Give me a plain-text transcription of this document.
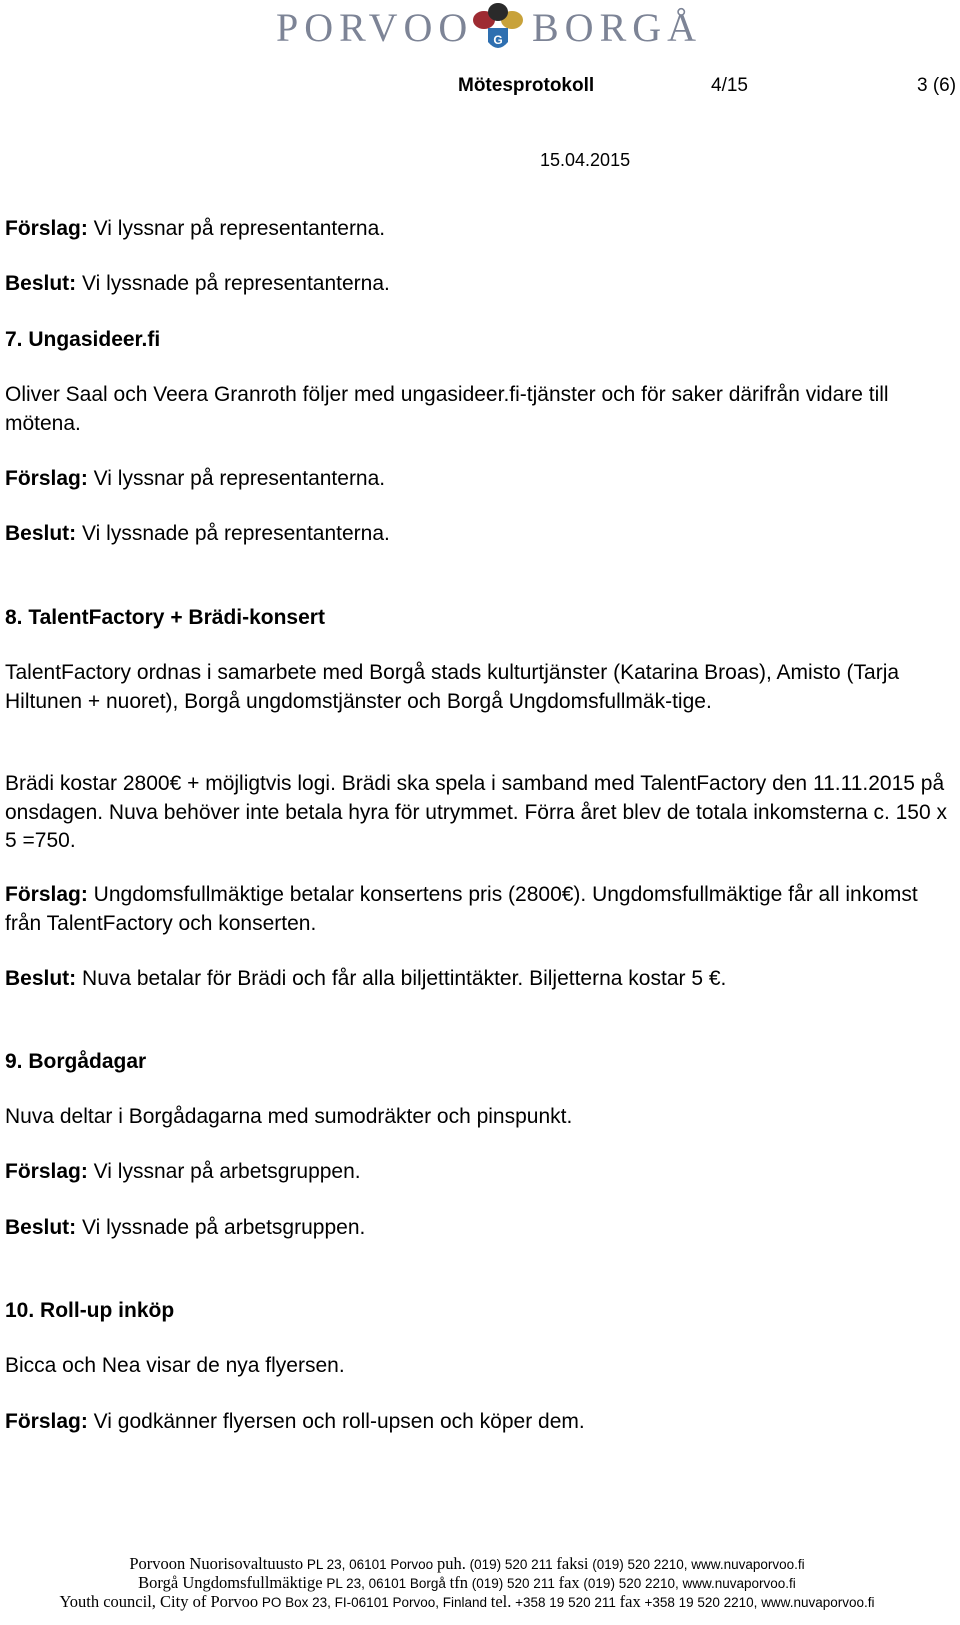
PORVOO G BORGÅ
Mötesprotokoll	4/15	3 (6)
15.04.2015

Förslag: Vi lyssnar på representanterna.

Beslut: Vi lyssnade på representanterna.

7. Ungasideer.fi

Oliver Saal och Veera Granroth följer med ungasideer.fi-tjänster och för saker därifrån vidare till mötena.

Förslag: Vi lyssnar på representanterna.

Beslut: Vi lyssnade på representanterna.

8. TalentFactory + Brädi-konsert

TalentFactory ordnas i samarbete med Borgå stads kulturtjänster (Katarina Broas), Amisto (Tarja Hiltunen + nuoret), Borgå ungdomstjänster och Borgå Ungdomsfullmäk-tige.

Brädi kostar 2800€ + möjligtvis logi. Brädi ska spela i samband med TalentFactory den 11.11.2015 på onsdagen. Nuva behöver inte betala hyra för utrymmet. Förra året blev de totala inkomsterna c. 150 x 5 =750.

Förslag: Ungdomsfullmäktige betalar konsertens pris (2800€). Ungdomsfullmäktige får all inkomst från TalentFactory och konserten.

Beslut: Nuva betalar för Brädi och får alla biljettintäkter. Biljetterna kostar 5 €.

9. Borgådagar

Nuva deltar i Borgådagarna med sumodräkter och pinspunkt.

Förslag: Vi lyssnar på arbetsgruppen.

Beslut: Vi lyssnade på arbetsgruppen.

10. Roll-up inköp

Bicca och Nea visar de nya flyersen.

Förslag: Vi godkänner flyersen och roll-upsen och köper dem.

Porvoon Nuorisovaltuusto PL 23, 06101 Porvoo puh. (019) 520 211 faksi (019) 520 2210, www.nuvaporvoo.fi
Borgå Ungdomsfullmäktige PL 23, 06101 Borgå tfn (019) 520 211 fax (019) 520 2210, www.nuvaporvoo.fi
Youth council, City of Porvoo PO Box 23, FI-06101 Porvoo, Finland tel. +358 19 520 211 fax +358 19 520 2210, www.nuvaporvoo.fi
